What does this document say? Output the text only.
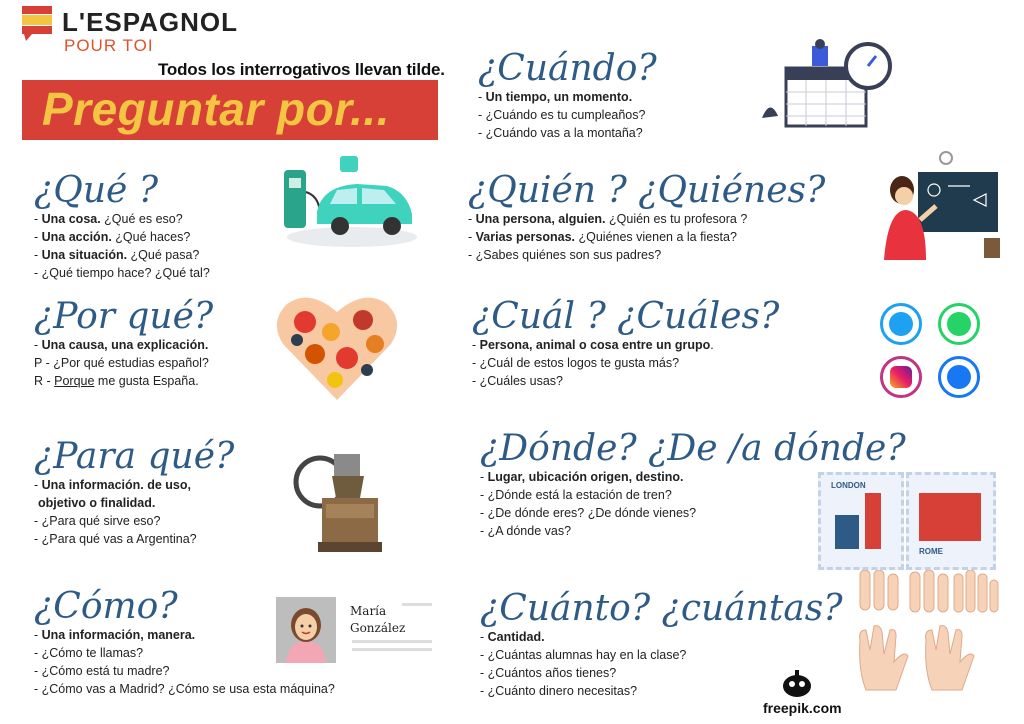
L'ESPAGNOL
POUR TOI
Todos los interrogativos llevan tilde.
Preguntar por...
¿Qué ?
- Una cosa. ¿Qué es eso?
- Una acción. ¿Qué haces?
- Una situación. ¿Qué pasa?
- ¿Qué tiempo hace? ¿Qué tal?
¿Por qué?
- Una causa, una explicación.
P - ¿Por qué estudias español?
R - Porque me gusta España.
¿Para qué?
- Una información. de uso,
objetivo o finalidad.
- ¿Para qué sirve eso?
- ¿Para qué vas a Argentina?
¿Cómo?
- Una información, manera.
- ¿Cómo te llamas?
- ¿Cómo está tu madre?
- ¿Cómo vas a Madrid? ¿Cómo se usa esta máquina?
María
González
¿Cuándo?
- Un tiempo, un momento.
- ¿Cuándo es tu cumpleaños?
- ¿Cuándo vas a la montaña?
¿Quién ? ¿Quiénes?
- Una persona, alguien. ¿Quién es tu profesora ?
- Varias personas. ¿Quiénes vienen a la fiesta?
- ¿Sabes quiénes son sus padres?
¿Cuál ? ¿Cuáles?
- Persona, animal o cosa entre un grupo.
- ¿Cuál de estos logos te gusta más?
- ¿Cuáles usas?
¿Dónde? ¿De /a dónde?
- Lugar, ubicación origen, destino.
- ¿Dónde está la estación de tren?
- ¿De dónde eres? ¿De dónde vienes?
- ¿A dónde vas?
LONDON
ROME
¿Cuánto? ¿cuántas?
- Cantidad.
- ¿Cuántas alumnas hay en la clase?
- ¿Cuántos años tienes?
- ¿Cuánto dinero necesitas?
freepik.com
